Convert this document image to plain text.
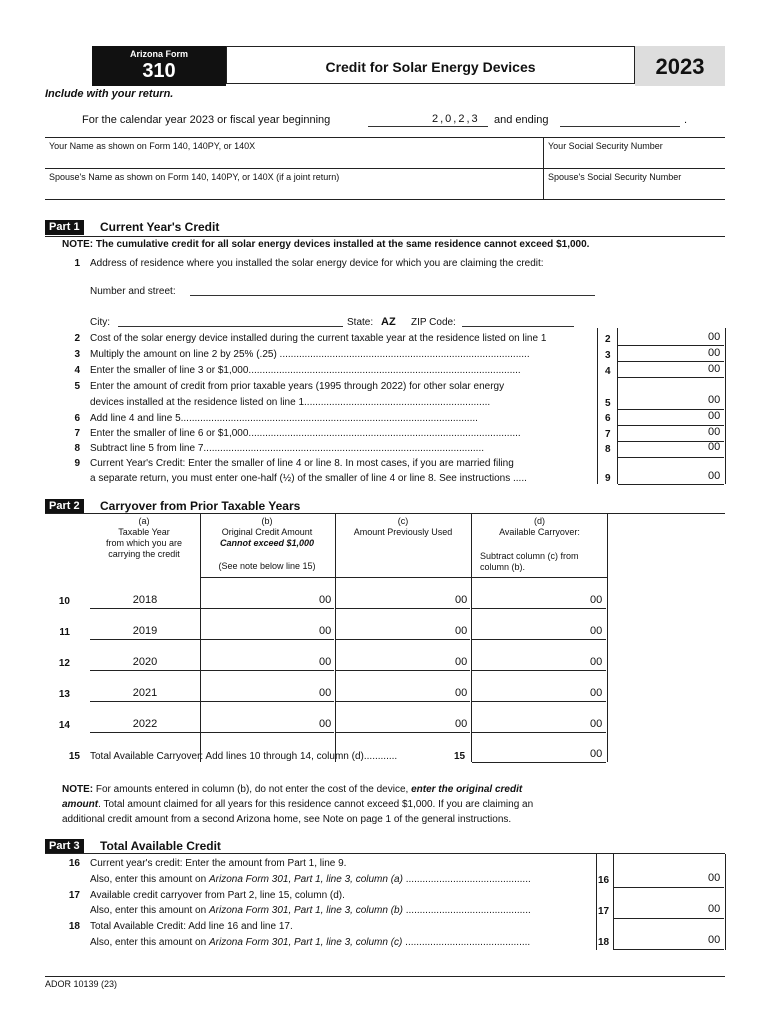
Arizona Form
310	Credit for Solar Energy Devices	2023
Include with your return.
For the calendar year 2023 or fiscal year beginning	2,0,2,3 and ending	.
Your Name as shown on Form 140, 140PY, or 140X	Your Social Security Number
Spouse's Name as shown on Form 140, 140PY, or 140X (if a joint return)	Spouse's Social Security Number
Part 1	Current Year's Credit
NOTE: The cumulative credit for all solar energy devices installed at the same residence cannot exceed $1,000.
1 Address of residence where you installed the solar energy device for which you are claiming the credit:
Number and street:
City:	State: AZ ZIP Code:
2 Cost of the solar energy device installed during the current taxable year at the residence listed on line 1	2	00
3 Multiply the amount on line 2 by 25% (.25) ..........................................................................................	3	00
4 Enter the smaller of line 3 or $1,000..................................................................................................	4	00
5 Enter the amount of credit from prior taxable years (1995 through 2022) for other solar energy
devices installed at the residence listed on line 1...................................................................	5	00
6 Add line 4 and line 5...........................................................................................................	6	00
7 Enter the smaller of line 6 or $1,000..................................................................................................	7	00
8 Subtract line 5 from line 7.....................................................................................................	8	00
9 Current Year's Credit: Enter the smaller of line 4 or line 8. In most cases, if you are married filing
a separate return, you must enter one-half (½) of the smaller of line 4 or line 8. See instructions .....	9	00
Part 2	Carryover from Prior Taxable Years
(a)
Taxable Year
from which you are
carrying the credit
(b)
Original Credit Amount
Cannot exceed $1,000
(See note below line 15)
(c)
Amount Previously Used
(d)
Available Carryover:
Subtract column (c) from
column (b).
10	2018	00	00	00
11	2019	00	00	00
12	2020	00	00	00
13	2021	00	00	00
14	2022	00	00	00
15 Total Available Carryover: Add lines 10 through 14, column (d)............	15	00
NOTE: For amounts entered in column (b), do not enter the cost of the device, enter the original credit
amount. Total amount claimed for all years for this residence cannot exceed $1,000. If you are claiming an
additional credit amount from a second Arizona home, see Note on page 1 of the general instructions.
Part 3	Total Available Credit
16 Current year's credit: Enter the amount from Part 1, line 9.
Also, enter this amount on Arizona Form 301, Part 1, line 3, column (a) .............................................	16	00
17 Available credit carryover from Part 2, line 15, column (d).
Also, enter this amount on Arizona Form 301, Part 1, line 3, column (b) .............................................	17	00
18 Total Available Credit: Add line 16 and line 17.
Also, enter this amount on Arizona Form 301, Part 1, line 3, column (c) .............................................	18	00
ADOR 10139 (23)
